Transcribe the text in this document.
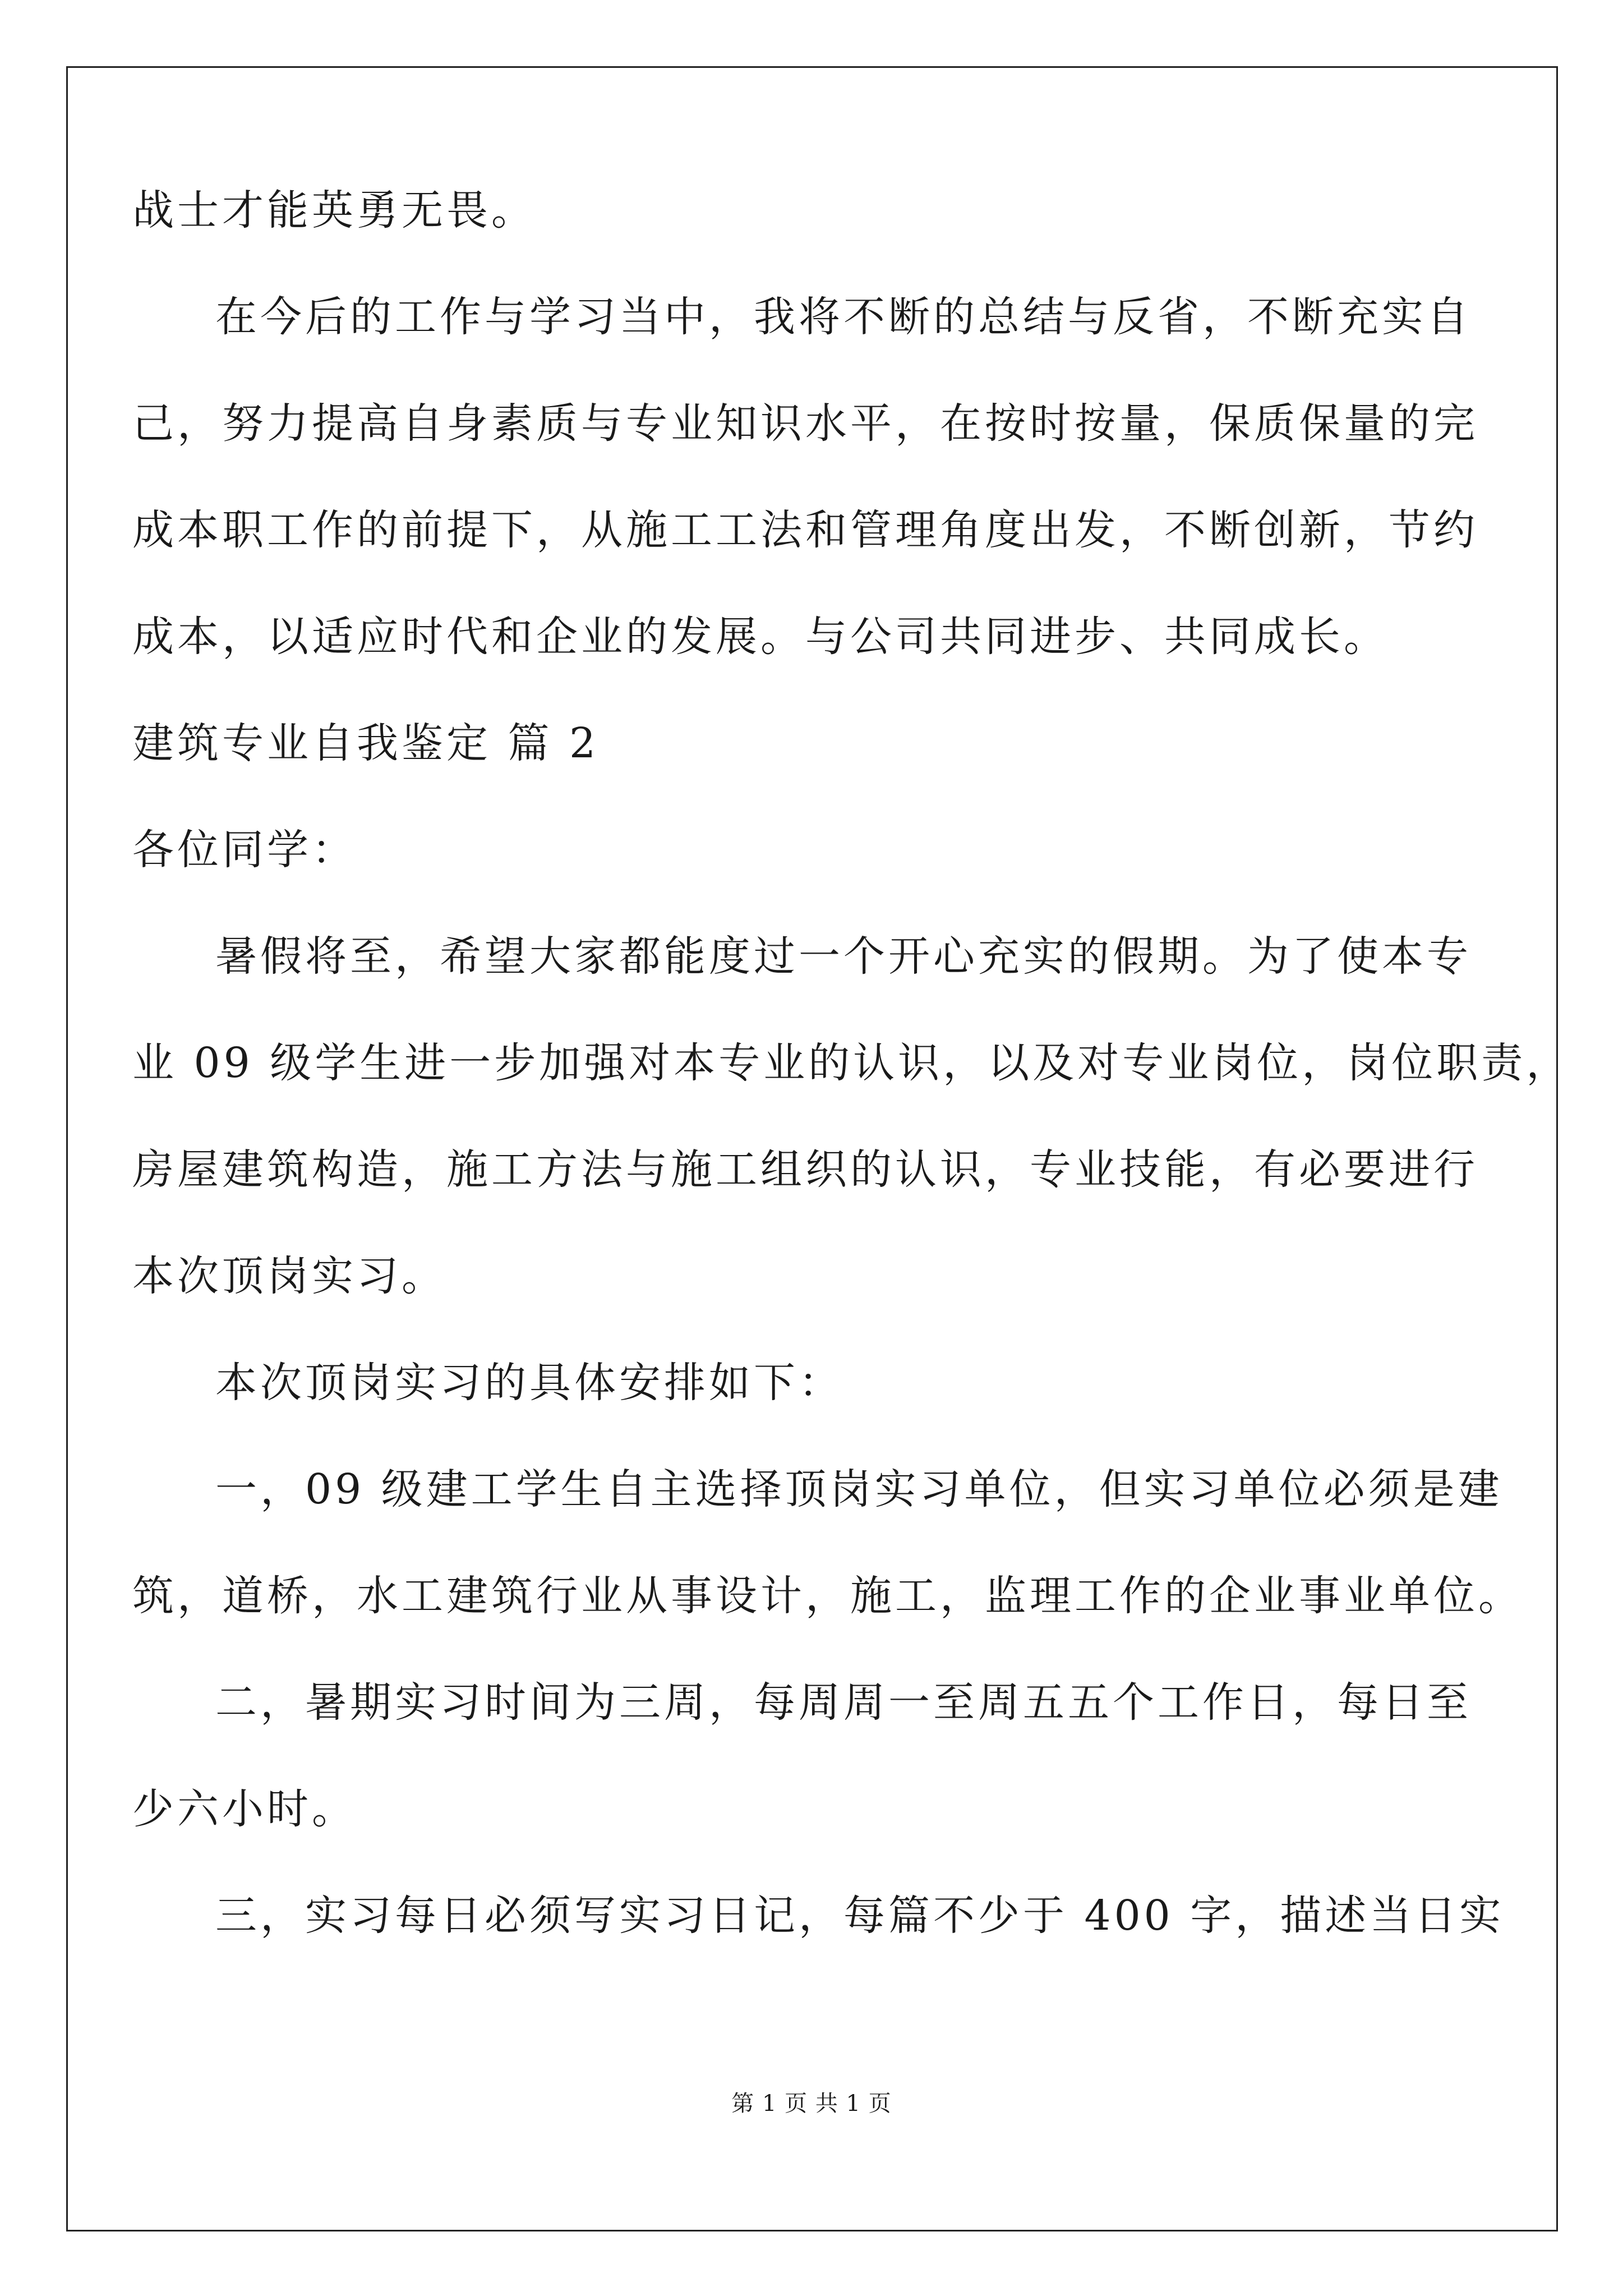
战士才能英勇无畏。
在今后的工作与学习当中，我将不断的总结与反省，不断充实自
己，努力提高自身素质与专业知识水平，在按时按量，保质保量的完
成本职工作的前提下，从施工工法和管理角度出发，不断创新，节约
成本，以适应时代和企业的发展。与公司共同进步、共同成长。
建筑专业自我鉴定 篇 2
各位同学：
暑假将至，希望大家都能度过一个开心充实的假期。为了使本专
业 09 级学生进一步加强对本专业的认识，以及对专业岗位，岗位职责，
房屋建筑构造，施工方法与施工组织的认识，专业技能，有必要进行
本次顶岗实习。
本次顶岗实习的具体安排如下：
一，09 级建工学生自主选择顶岗实习单位，但实习单位必须是建
筑，道桥，水工建筑行业从事设计，施工，监理工作的企业事业单位。
二，暑期实习时间为三周，每周周一至周五五个工作日，每日至
少六小时。
三，实习每日必须写实习日记，每篇不少于 400 字，描述当日实
第 1 页 共 1 页
